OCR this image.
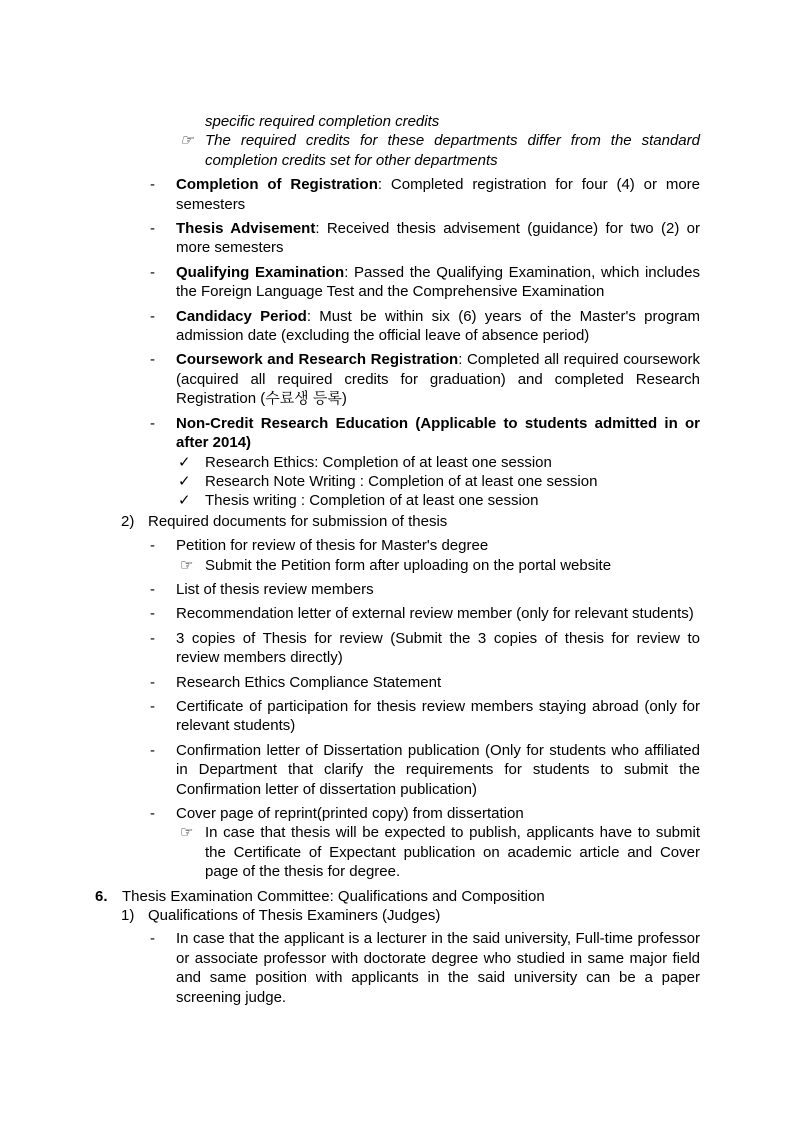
specific required completion credits
☞ The required credits for these departments differ from the standard completion credits set for other departments
-	Completion of Registration: Completed registration for four (4) or more semesters
-	Thesis Advisement: Received thesis advisement (guidance) for two (2) or more semesters
-	Qualifying Examination: Passed the Qualifying Examination, which includes the Foreign Language Test and the Comprehensive Examination
-	Candidacy Period: Must be within six (6) years of the Master's program admission date (excluding the official leave of absence period)
-	Coursework and Research Registration: Completed all required coursework (acquired all required credits for graduation) and completed Research Registration (수료생 등록)
-	Non-Credit Research Education (Applicable to students admitted in or after 2014)
✓ Research Ethics: Completion of at least one session
✓ Research Note Writing : Completion of at least one session
✓ Thesis writing : Completion of at least one session
2) Required documents for submission of thesis
-	Petition for review of thesis for Master's degree
☞ Submit the Petition form after uploading on the portal website
-	List of thesis review members
-	Recommendation letter of external review member (only for relevant students)
-	3 copies of Thesis for review (Submit the 3 copies of thesis for review to review members directly)
-	Research Ethics Compliance Statement
-	Certificate of participation for thesis review members staying abroad (only for relevant students)
-	Confirmation letter of Dissertation publication (Only for students who affiliated in Department that clarify the requirements for students to submit the Confirmation letter of dissertation publication)
-	Cover page of reprint(printed copy) from dissertation
☞ In case that thesis will be expected to publish, applicants have to submit the Certificate of Expectant publication on academic article and Cover page of the thesis for degree.
6. Thesis Examination Committee: Qualifications and Composition
1) Qualifications of Thesis Examiners (Judges)
-	In case that the applicant is a lecturer in the said university, Full-time professor or associate professor with doctorate degree who studied in same major field and same position with applicants in the said university can be a paper screening judge.
